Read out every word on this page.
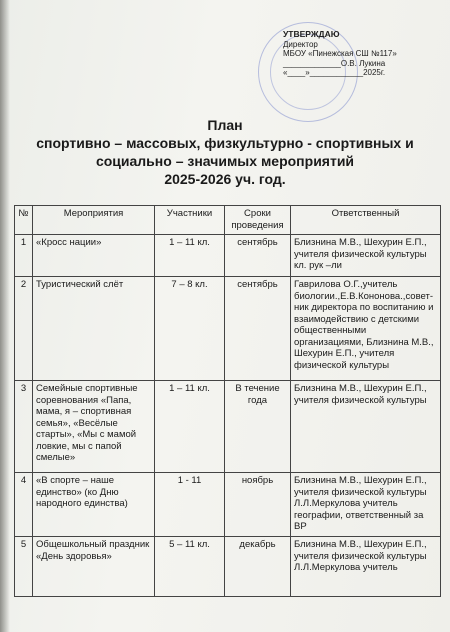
УТВЕРЖДАЮ
Директор
МБОУ «Пинежская СШ №117»
_____________О.В. Лукина
«____»____________2025г.
План
спортивно – массовых, физкультурно - спортивных и
социально – значимых мероприятий
2025-2026 уч. год.
№	Мероприятия	Участники	Сроки проведения	Ответственный
1	«Кросс нации»	1 – 11 кл.	сентябрь	Близнина М.В., Шехурин Е.П., учителя физической культуры кл. рук –ли
2	Туристический слёт	7 – 8 кл.	сентябрь	Гаврилова О.Г.,учитель биологии.,Е.В.Кононова.,совет-ник директора по воспитанию и взаимодействию с детскими общественными организациями, Близнина М.В., Шехурин Е.П., учителя физической культуры
3	Семейные спортивные соревнования «Папа, мама, я – спортивная семья», «Весёлые старты», «Мы с мамой ловкие, мы с папой смелые»	1 – 11 кл.	В течение года	Близнина М.В., Шехурин Е.П., учителя физической культуры
4	«В спорте – наше единство» (ко Дню народного единства)	1 - 11	ноябрь	Близнина М.В., Шехурин Е.П., учителя физической культуры Л.Л.Меркулова учитель географии, ответственный за ВР
5	Общешкольный праздник «День здоровья»	5 – 11 кл.	декабрь	Близнина М.В., Шехурин Е.П., учителя физической культуры Л.Л.Меркулова учитель
